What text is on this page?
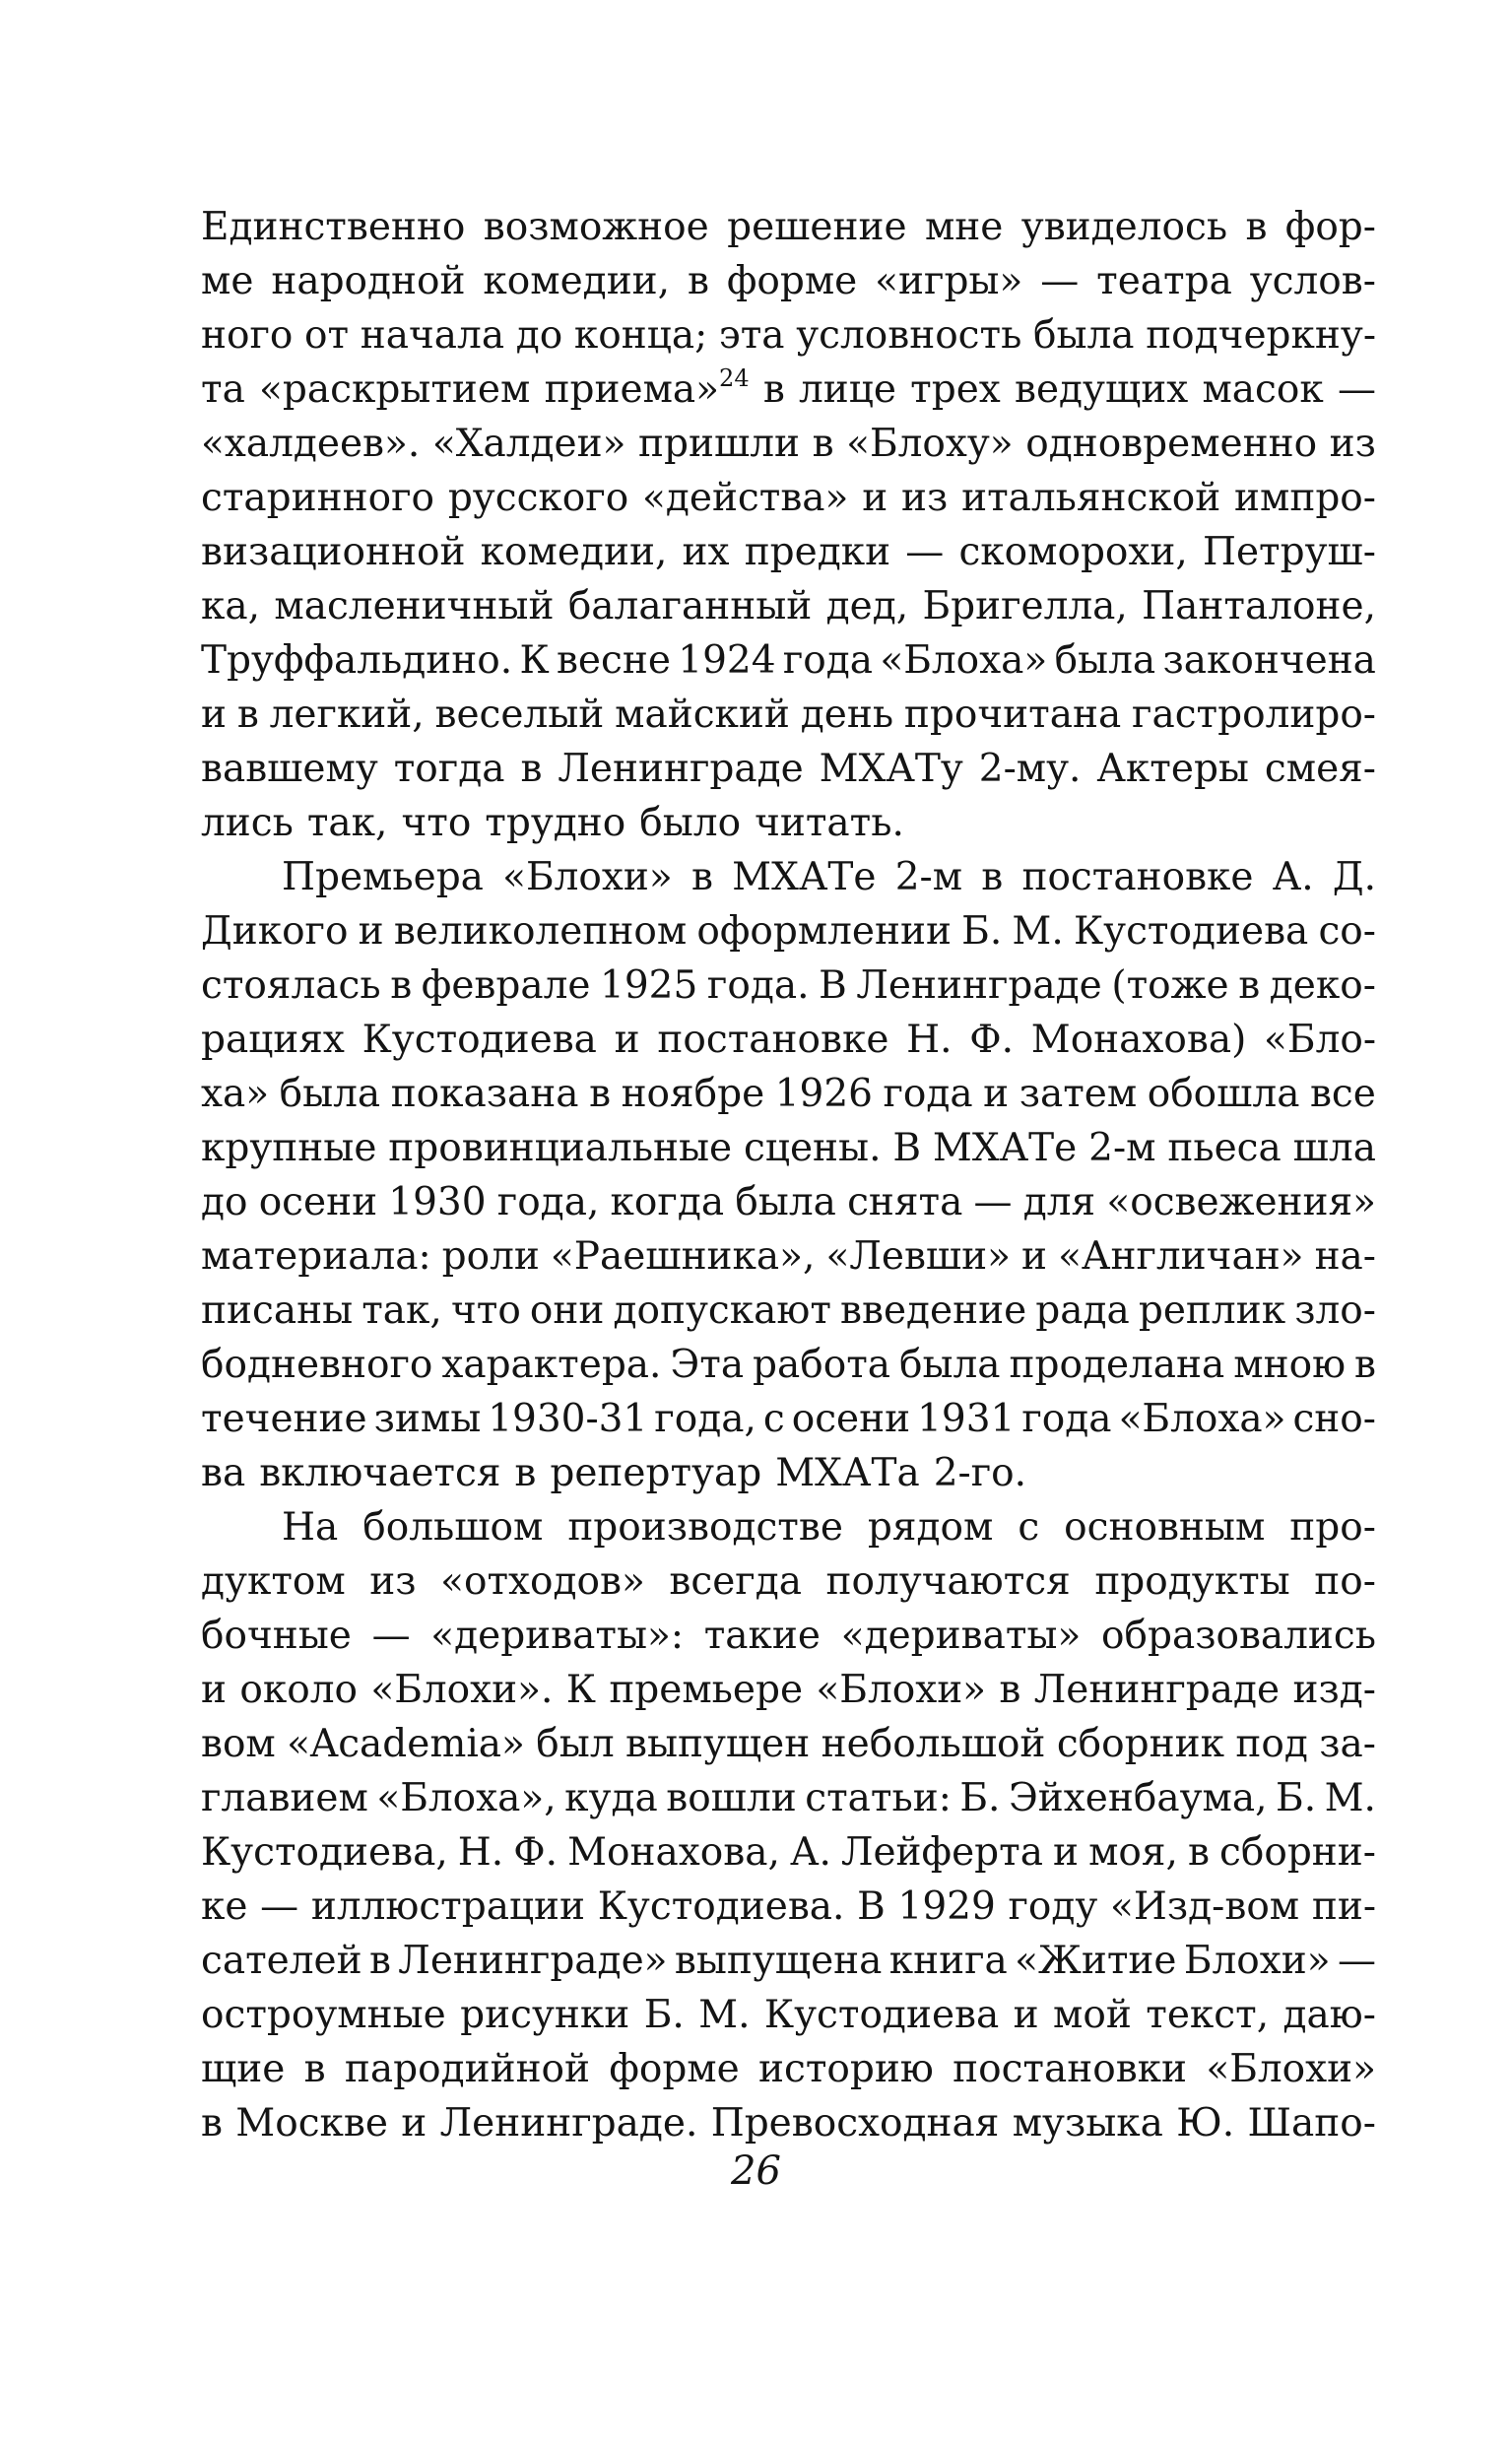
Единственно возможное решение мне увиделось в фор-
ме народной комедии, в форме «игры» — театра услов-
ного от начала до конца; эта условность была подчеркну-
та «раскрытием приема»$^{24}$ в лице трех ведущих масок —
«халдеев». «Халдеи» пришли в «Блоху» одновременно из
старинного русского «действа» и из итальянской импро-
визационной комедии, их предки — скоморохи, Петруш-
ка, масленичный балаганный дед, Бригелла, Панталоне,
Труффальдино. К весне 1924 года «Блоха» была закончена
и в легкий, веселый майский день прочитана гастролиро-
вавшему тогда в Ленинграде МХАТу 2-му. Актеры смея-
лись так, что трудно было читать.
Премьера «Блохи» в МХАТе 2-м в постановке А. Д.
Дикого и великолепном оформлении Б. М. Кустодиева со-
стоялась в феврале 1925 года. В Ленинграде (тоже в деко-
рациях Кустодиева и постановке Н. Ф. Монахова) «Бло-
ха» была показана в ноябре 1926 года и затем обошла все
крупные провинциальные сцены. В МХАТе 2-м пьеса шла
до осени 1930 года, когда была снята — для «освежения»
материала: роли «Раешника», «Левши» и «Англичан» на-
писаны так, что они допускают введение рада реплик зло-
бодневного характера. Эта работа была проделана мною в
течение зимы 1930-31 года, с осени 1931 года «Блоха» сно-
ва включается в репертуар МХАТа 2-го.
На большом производстве рядом с основным про-
дуктом из «отходов» всегда получаются продукты по-
бочные — «дериваты»: такие «дериваты» образовались
и около «Блохи». К премьере «Блохи» в Ленинграде изд-
вом «Academia» был выпущен небольшой сборник под за-
главием «Блоха», куда вошли статьи: Б. Эйхенбаума, Б. М.
Кустодиева, Н. Ф. Монахова, А. Лейферта и моя, в сборни-
ке — иллюстрации Кустодиева. В 1929 году «Изд-вом пи-
сателей в Ленинграде» выпущена книга «Житие Блохи» —
остроумные рисунки Б. М. Кустодиева и мой текст, даю-
щие в пародийной форме историю постановки «Блохи»
в Москве и Ленинграде. Превосходная музыка Ю. Шапо-
26
